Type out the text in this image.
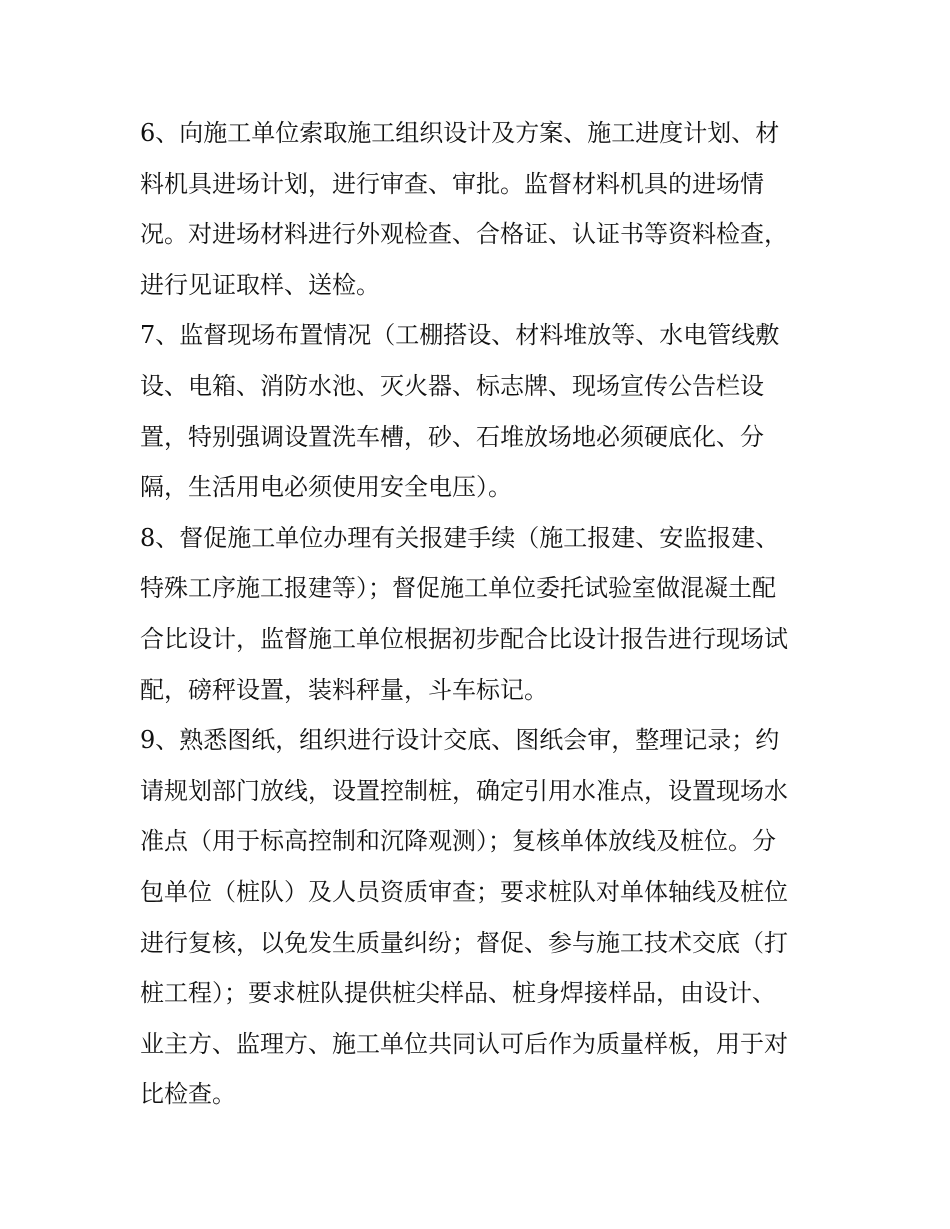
6、向施工单位索取施工组织设计及方案、施工进度计划、材
料机具进场计划，进行审查、审批。监督材料机具的进场情
况。对进场材料进行外观检查、合格证、认证书等资料检查，
进行见证取样、送检。
7、监督现场布置情况（工棚搭设、材料堆放等、水电管线敷
设、电箱、消防水池、灭火器、标志牌、现场宣传公告栏设
置，特别强调设置洗车槽，砂、石堆放场地必须硬底化、分
隔，生活用电必须使用安全电压）。
8、督促施工单位办理有关报建手续（施工报建、安监报建、
特殊工序施工报建等）；督促施工单位委托试验室做混凝土配
合比设计，监督施工单位根据初步配合比设计报告进行现场试
配，磅秤设置，装料秤量，斗车标记。
9、熟悉图纸，组织进行设计交底、图纸会审，整理记录；约
请规划部门放线，设置控制桩，确定引用水准点，设置现场水
准点（用于标高控制和沉降观测）；复核单体放线及桩位。分
包单位（桩队）及人员资质审查；要求桩队对单体轴线及桩位
进行复核，以免发生质量纠纷；督促、参与施工技术交底（打
桩工程）；要求桩队提供桩尖样品、桩身焊接样品，由设计、
业主方、监理方、施工单位共同认可后作为质量样板，用于对
比检查。
